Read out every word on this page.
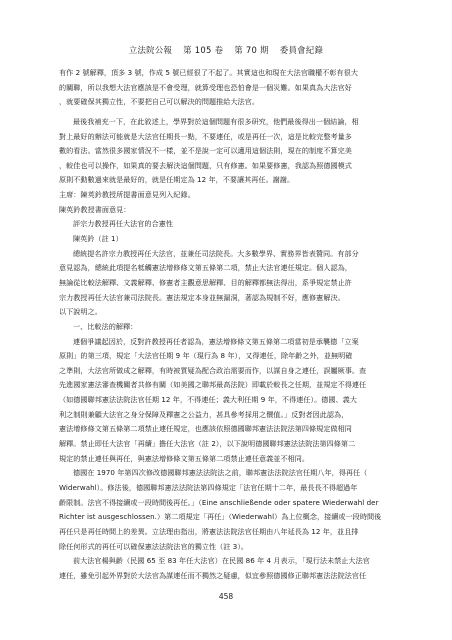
立法院公報 第 105 卷 第 70 期 委員會紀錄
有作 2 號解釋，頂多 3 號，作成 5 號已經很了不起了。其實這也和現在大法官職權不彰有很大
的關聯，所以我想大法官應該是不會受理，就算受理也恐怕會是一個災難。如果真為大法官好
，就要確保其獨立性，不要把自己可以解決的問題推給大法官。
最後我補充一下，在此敘述上，學界對於這個問題有很多研究，他們最後得出一個結論，相
對上最好的辦法可能就是大法官任期長一點，不要連任，或是再任一次，這是比較完整考量多
數的看法。當然很多國家情況不一樣，並不是說一定可以適用這個法則，現在的制度不算完美
，較佳也可以操作，如果真的要去解決這個問題，只有修憲。如果要修憲，我認為照德國模式
原則不動數過來就是最好的，就是任期定為 12 年，不要讓其再任。謝謝。
主席：陳英鈐教授所提書面意見列入紀錄。
陳英鈐教授書面意見：
評宗力教授再任大法官的合憲性
陳英鈐（註 1）
總統提名許宗力教授再任大法官，並兼任司法院長。大多數學界、實務界皆表贊同。有部分
意見認為，總統此項提名牴觸憲法增修條文第五條第二項，禁止大法官連任規定。個人認為，
無論從比較法解釋、文義解釋、修憲者主觀意思解釋、目的解釋都無法得出，系爭規定禁止許
宗力教授再任大法官兼司法院長。憲法規定本身並無漏洞，著認為規制不好，應修憲解決。
以下說明之。
一、比較法的解釋：
連個爭議起因於，反對許教授再任者認為，憲法增修條文第五條第二項當初是承襲德「立案
原則」的第三項，規定「大法官任期 9 年（現行為 8 年），又得連任，除年齡之外，並無明確
之準則，大法官所做成之解釋，有時被質疑為配合政治需要而作，以謀自身之連任，誤屬厥事。查
先進國家憲法審查機關者共修有關（如美國之聯邦最高法院）即載於較長之任期，並規定不得連任
（如德國聯邦憲法法院法官任期 12 年，不得連任；義大利任期 9 年，不得連任）。德國、義大
利之制則兼顧大法官之身分保障及釋憲之公益力，甚具參考採用之價值。」反對者因此認為，
憲法增修條文第五條第二項禁止連任規定，也應該依照德國聯邦憲法法院法第四條規定做相同
解釋。禁止即任大法官「再續」擔任大法官（註 2），以下說明德國聯邦憲法法院法第四條第二
規定的禁止連任與再任，與憲法增修條文第五條第二項禁止連任意義並不相同。
德國在 1970 年第四次修改德國聯邦憲法法院法之前，聯邦憲法法院法官任期八年，得再任（
Widerwahl）。修法後，德國聯邦憲法法院法第四條規定「法官任期十二年，最長長不得超過年
齡限制。法官不得接續或一段時間後再任。」（Eine anschließende oder spatere Wiederwahl der
Richter ist ausgeschlossen.）第二項規定「再任」（Wiederwahl）為上位概念，接續或一段時間後
再任只是再任時間上的差異。立法理由指出，將憲法法院法官任期由八年延長為 12 年，並且排
除任何形式的再任可以確保憲法法院法官的獨立性（註 3）。
前大法官楊與齡（民國 65 至 83 年任大法官）在民國 86 年 4 月表示，「現行法未禁止大法官
連任，雖免引起外界對於大法官為謀連任而不獨然之疑慮，似宜參照德國修正聯邦憲法法院法官任
458
